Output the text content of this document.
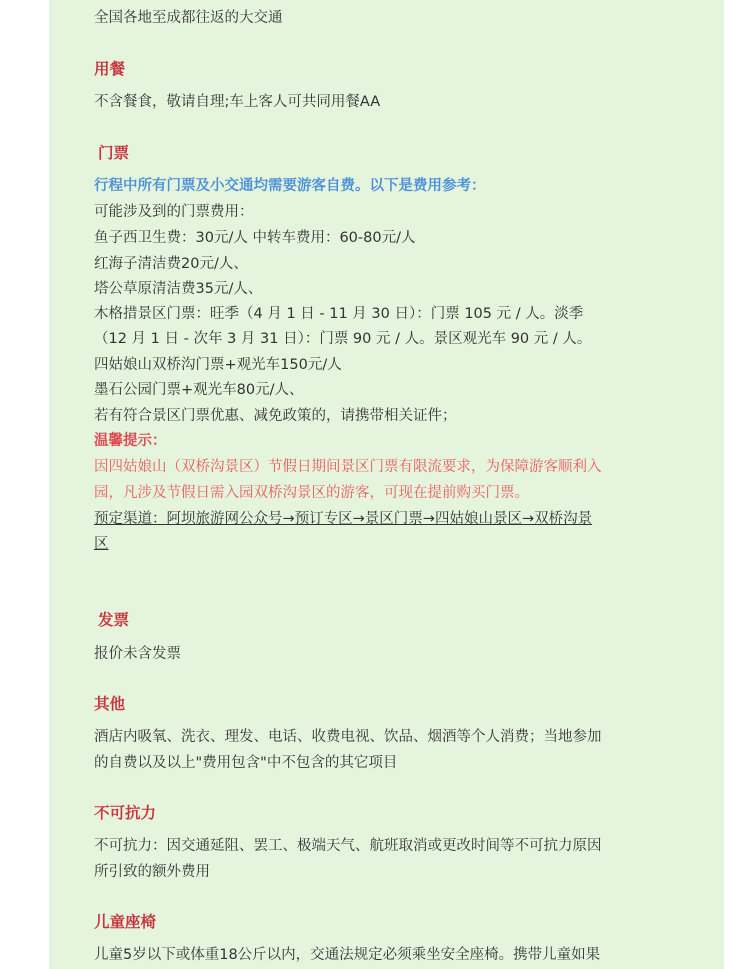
全国各地至成都往返的大交通
用餐
不含餐食，敬请自理;车上客人可共同用餐AA
门票
行程中所有门票及小交通均需要游客自费。以下是费用参考：
可能涉及到的门票费用：
鱼子西卫生费：30元/人 中转车费用：60-80元/人
红海子清洁费20元/人、
塔公草原清洁费35元/人、
木格措景区门票：旺季（4 月 1 日 - 11 月 30 日）：门票 105 元 / 人。淡季
（12 月 1 日 - 次年 3 月 31 日）：门票 90 元 / 人。景区观光车 90 元 / 人。
四姑娘山双桥沟门票+观光车150元/人
墨石公园门票+观光车80元/人、
若有符合景区门票优惠、减免政策的，请携带相关证件；
温馨提示：
因四姑娘山（双桥沟景区）节假日期间景区门票有限流要求，为保障游客顺利入
园，凡涉及节假日需入园双桥沟景区的游客，可现在提前购买门票。
预定渠道：阿坝旅游网公众号→预订专区→景区门票→四姑娘山景区→双桥沟景
区
发票
报价未含发票
其他
酒店内吸氧、洗衣、理发、电话、收费电视、饮品、烟酒等个人消费；当地参加
的自费以及以上"费用包含"中不包含的其它项目
不可抗力
不可抗力：因交通延阻、罢工、极端天气、航班取消或更改时间等不可抗力原因
所引致的额外费用
儿童座椅
儿童5岁以下或体重18公斤以内，交通法规定必须乘坐安全座椅。携带儿童如果
